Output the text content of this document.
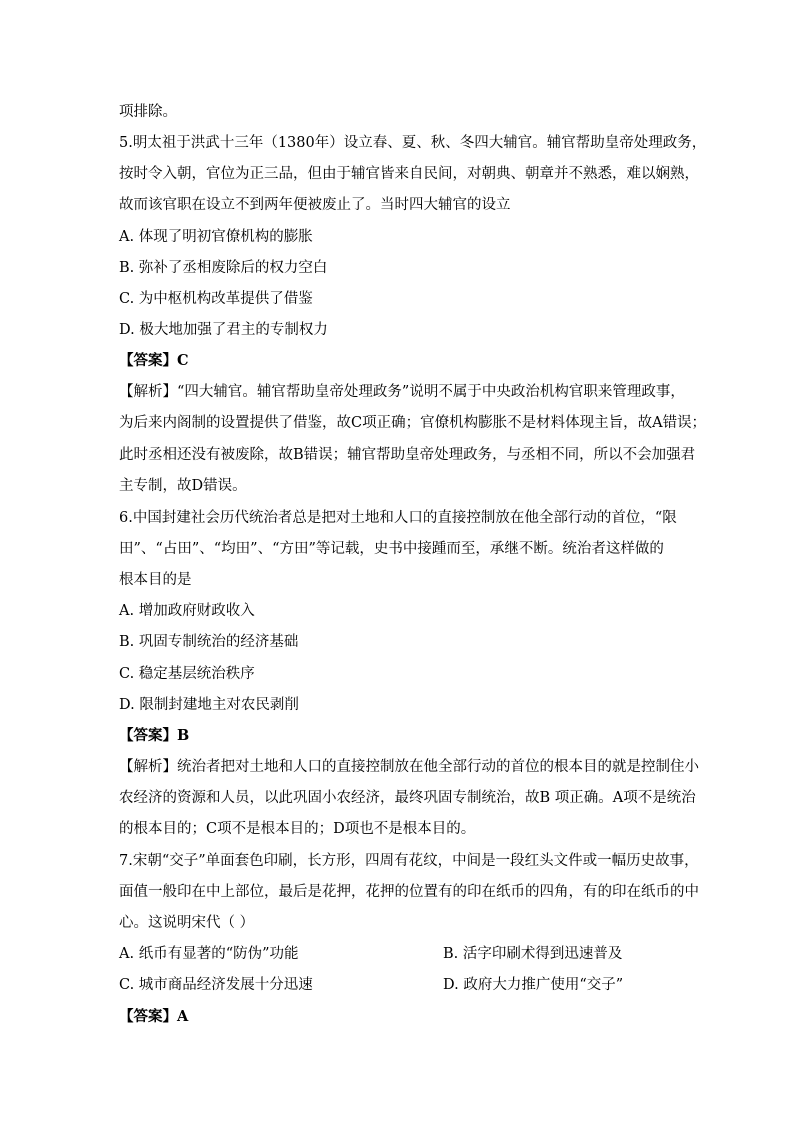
项排除。
5.明太祖于洪武十三年（1380年）设立春、夏、秋、冬四大辅官。辅官帮助皇帝处理政务，
按时令入朝，官位为正三品，但由于辅官皆来自民间，对朝典、朝章并不熟悉，难以娴熟，
故而该官职在设立不到两年便被废止了。当时四大辅官的设立
A. 体现了明初官僚机构的膨胀
B. 弥补了丞相废除后的权力空白
C. 为中枢机构改革提供了借鉴
D. 极大地加强了君主的专制权力
【答案】C
【解析】“四大辅官。辅官帮助皇帝处理政务”说明不属于中央政治机构官职来管理政事，
为后来内阁制的设置提供了借鉴，故C项正确；官僚机构膨胀不是材料体现主旨，故A错误；
此时丞相还没有被废除，故B错误；辅官帮助皇帝处理政务，与丞相不同，所以不会加强君
主专制，故D错误。
6.中国封建社会历代统治者总是把对土地和人口的直接控制放在他全部行动的首位，“限
田”、“占田”、“均田”、“方田”等记载，史书中接踵而至，承继不断。统治者这样做的
根本目的是
A. 增加政府财政收入
B. 巩固专制统治的经济基础
C. 稳定基层统治秩序
D. 限制封建地主对农民剥削
【答案】B
【解析】统治者把对土地和人口的直接控制放在他全部行动的首位的根本目的就是控制住小
农经济的资源和人员，以此巩固小农经济，最终巩固专制统治，故B 项正确。A项不是统治
的根本目的；C项不是根本目的；D项也不是根本目的。
7.宋朝“交子”单面套色印刷，长方形，四周有花纹，中间是一段红头文件或一幅历史故事，
面值一般印在中上部位，最后是花押，花押的位置有的印在纸币的四角，有的印在纸币的中
心。这说明宋代（ ）
A. 纸币有显著的“防伪”功能	B. 活字印刷术得到迅速普及
C. 城市商品经济发展十分迅速	D. 政府大力推广使用“交子”
【答案】A
